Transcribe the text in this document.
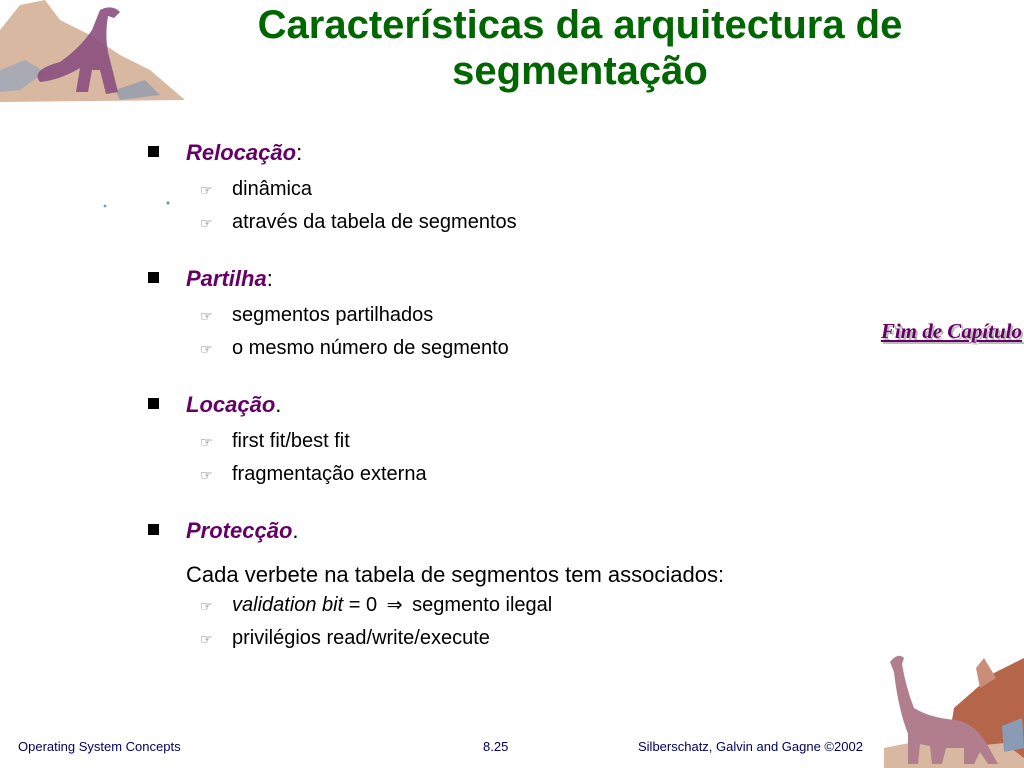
Características da arquitectura de
segmentação
Relocação :
☞ dinâmica
☞ através da tabela de segmentos
Partilha :
☞ segmentos partilhados
☞ o mesmo número de segmento
Locação .
☞ first fit/best fit
☞ fragmentação externa
Protecção .
Cada verbete na tabela de segmentos tem associados:
☞ validation bit = 0 ⇒ segmento ilegal
☞ privilégios read/write/execute
Fim de Capítulo
Operating System Concepts	8.25	Silberschatz, Galvin and Gagne ©2002
